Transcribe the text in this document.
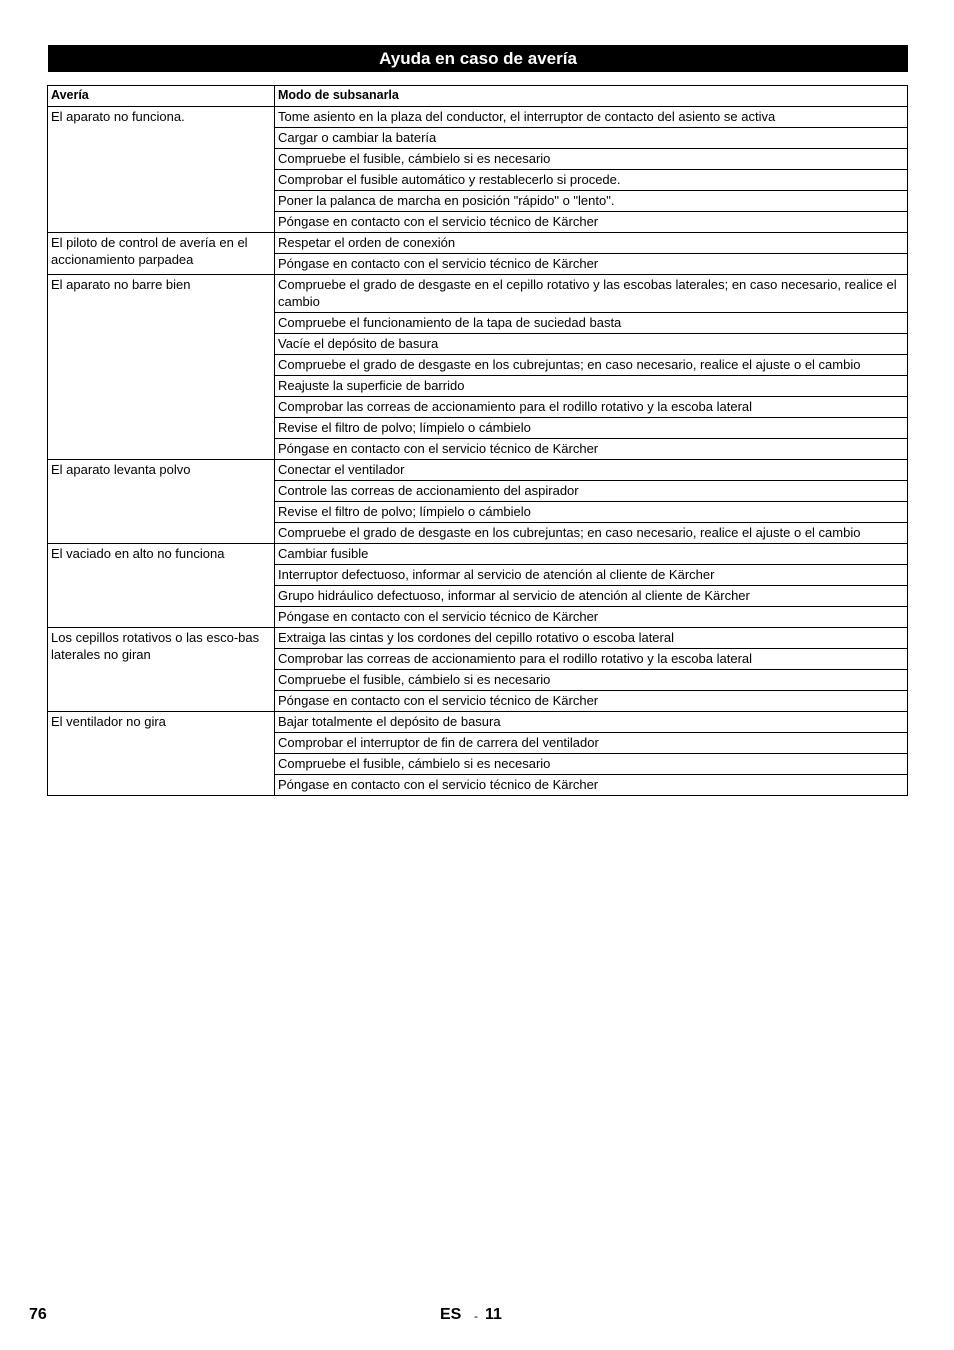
Ayuda en caso de avería
Avería	Modo de subsanarla
El aparato no funciona.	Tome asiento en la plaza del conductor, el interruptor de contacto del asiento se activa
	Cargar o cambiar la batería
	Compruebe el fusible, cámbielo si es necesario
	Comprobar el fusible automático y restablecerlo si procede.
	Poner la palanca de marcha en posición "rápido" o "lento".
	Póngase en contacto con el servicio técnico de Kärcher
El piloto de control de avería en el accionamiento parpadea	Respetar el orden de conexión
	Póngase en contacto con el servicio técnico de Kärcher
El aparato no barre bien	Compruebe el grado de desgaste en el cepillo rotativo y las escobas laterales; en caso necesario, realice el cambio
	Compruebe el funcionamiento de la tapa de suciedad basta
	Vacíe el depósito de basura
	Compruebe el grado de desgaste en los cubrejuntas; en caso necesario, realice el ajuste o el cambio
	Reajuste la superficie de barrido
	Comprobar las correas de accionamiento para el rodillo rotativo y la escoba lateral
	Revise el filtro de polvo; límpielo o cámbielo
	Póngase en contacto con el servicio técnico de Kärcher
El aparato levanta polvo	Conectar el ventilador
	Controle las correas de accionamiento del aspirador
	Revise el filtro de polvo; límpielo o cámbielo
	Compruebe el grado de desgaste en los cubrejuntas; en caso necesario, realice el ajuste o el cambio
El vaciado en alto no funciona	Cambiar fusible
	Interruptor defectuoso, informar al servicio de atención al cliente de Kärcher
	Grupo hidráulico defectuoso, informar al servicio de atención al cliente de Kärcher
	Póngase en contacto con el servicio técnico de Kärcher
Los cepillos rotativos o las esco-bas laterales no giran	Extraiga las cintas y los cordones del cepillo rotativo o escoba lateral
	Comprobar las correas de accionamiento para el rodillo rotativo y la escoba lateral
	Compruebe el fusible, cámbielo si es necesario
	Póngase en contacto con el servicio técnico de Kärcher
El ventilador no gira	Bajar totalmente el depósito de basura
	Comprobar el interruptor de fin de carrera del ventilador
	Compruebe el fusible, cámbielo si es necesario
	Póngase en contacto con el servicio técnico de Kärcher
76	ES - 11
